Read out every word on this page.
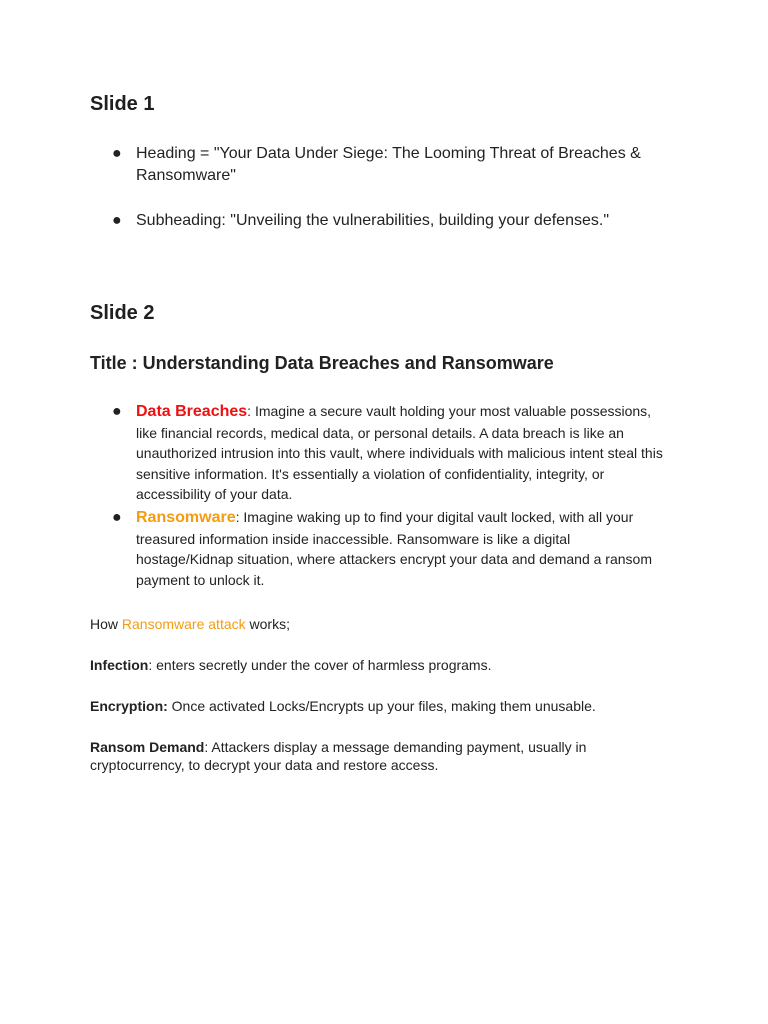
Slide 1
● Heading = "Your Data Under Siege: The Looming Threat of Breaches & Ransomware"
● Subheading: "Unveiling the vulnerabilities, building your defenses."
Slide 2
Title : Understanding Data Breaches and Ransomware
● Data Breaches: Imagine a secure vault holding your most valuable possessions, like financial records, medical data, or personal details. A data breach is like an unauthorized intrusion into this vault, where individuals with malicious intent steal this sensitive information. It's essentially a violation of confidentiality, integrity, or accessibility of your data.
● Ransomware: Imagine waking up to find your digital vault locked, with all your treasured information inside inaccessible. Ransomware is like a digital hostage/Kidnap situation, where attackers encrypt your data and demand a ransom payment to unlock it.
How Ransomware attack works;
Infection: enters secretly under the cover of harmless programs.
Encryption: Once activated Locks/Encrypts up your files, making them unusable.
Ransom Demand: Attackers display a message demanding payment, usually in cryptocurrency, to decrypt your data and restore access.
